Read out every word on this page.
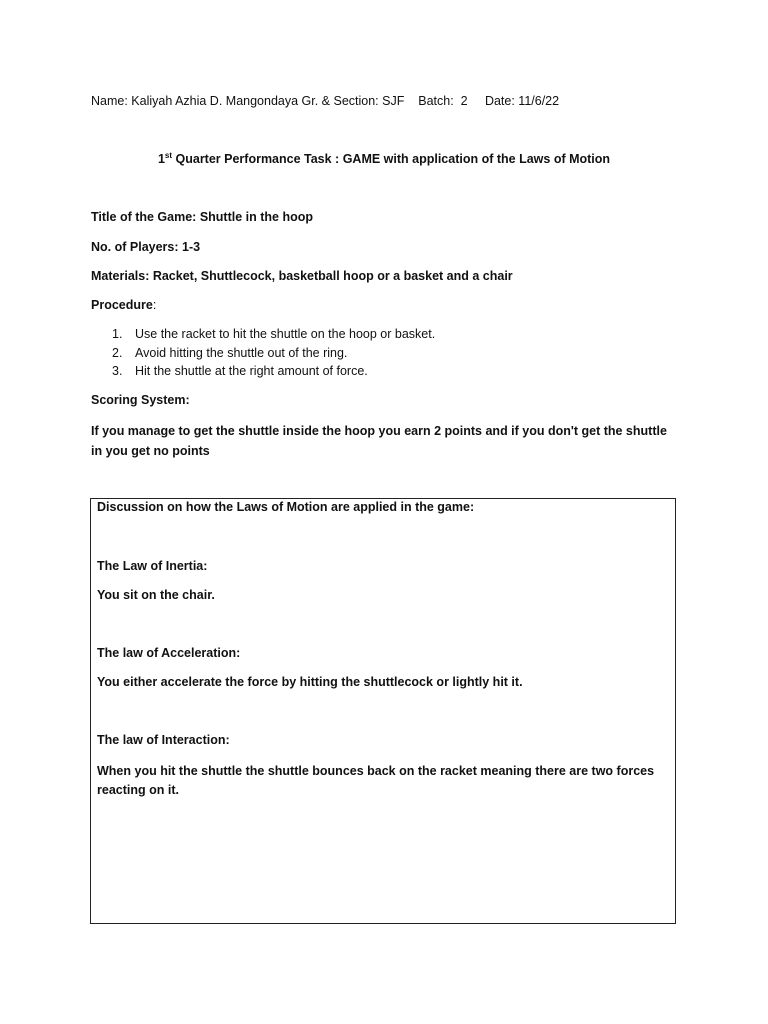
Name: Kaliyah Azhia D. Mangondaya Gr. & Section: SJF    Batch:  2     Date: 11/6/22
1st Quarter Performance Task : GAME with application of the Laws of Motion
Title of the Game: Shuttle in the hoop
No. of Players: 1-3
Materials: Racket, Shuttlecock, basketball hoop or a basket and a chair
Procedure:
1. Use the racket to hit the shuttle on the hoop or basket.
2. Avoid hitting the shuttle out of the ring.
3. Hit the shuttle at the right amount of force.
Scoring System:
If you manage to get the shuttle inside the hoop you earn 2 points and if you don't get the shuttle in you get no points
Discussion on how the Laws of Motion are applied in the game:
The Law of Inertia:
You sit on the chair.
The law of Acceleration:
You either accelerate the force by hitting the shuttlecock or lightly hit it.
The law of Interaction:
When you hit the shuttle the shuttle bounces back on the racket meaning there are two forces reacting on it.
